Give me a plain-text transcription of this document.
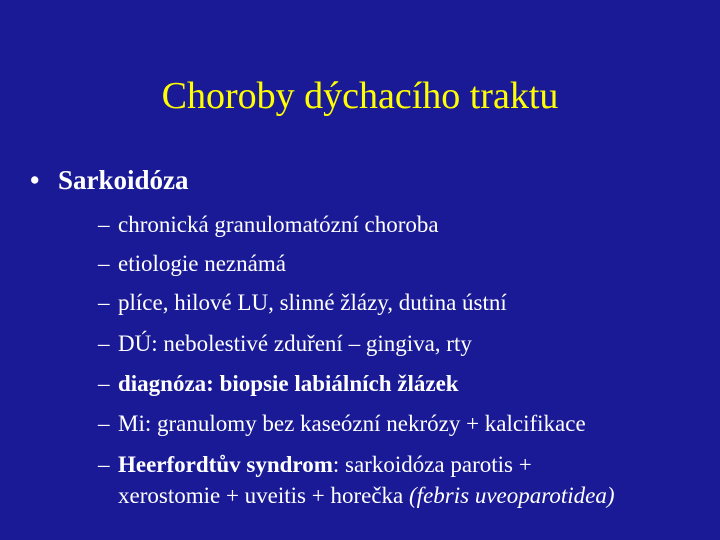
Choroby dýchacího traktu
• Sarkoidóza
– chronická granulomatózní choroba
– etiologie neznámá
– plíce, hilové LU, slinné žlázy, dutina ústní
– DÚ: nebolestivé zduření – gingiva, rty
– diagnóza: biopsie labiálních žlázek
– Mi: granulomy bez kaseózní nekrózy + kalcifikace
– Heerfordtův syndrom: sarkoidóza parotis +
xerostomie + uveitis + horečka (febris uveoparotidea)
